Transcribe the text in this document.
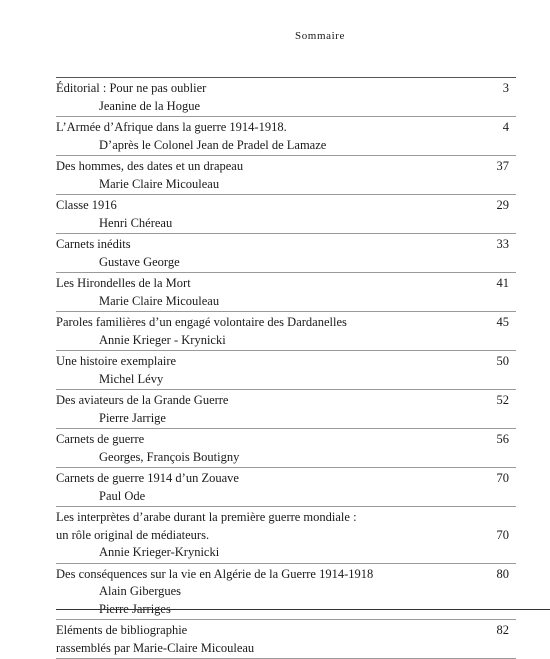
Sommaire
Éditorial : Pour ne pas oublier	3
Jeanine de la Hogue
L’Armée d’Afrique dans la guerre 1914-1918.	4
D’après le Colonel Jean de Pradel de Lamaze
Des hommes, des dates et un drapeau	37
Marie Claire Micouleau
Classe 1916	29
Henri Chéreau
Carnets inédits	33
Gustave George
Les Hirondelles de la Mort	41
Marie Claire Micouleau
Paroles familières d’un engagé volontaire des Dardanelles	45
Annie Krieger - Krynicki
Une histoire exemplaire	50
Michel Lévy
Des aviateurs de la Grande Guerre	52
Pierre Jarrige
Carnets de guerre	56
Georges, François Boutigny
Carnets de guerre 1914 d’un Zouave	70
Paul Ode
Les interprètes d’arabe durant la première guerre mondiale :
un rôle original de médiateurs.	70
Annie Krieger-Krynicki
Des conséquences sur la vie en Algérie de la Guerre 1914-1918	80
Alain Gibergues
Pierre Jarriges
Eléments de bibliographie	82
rassemblés par Marie-Claire Micouleau
